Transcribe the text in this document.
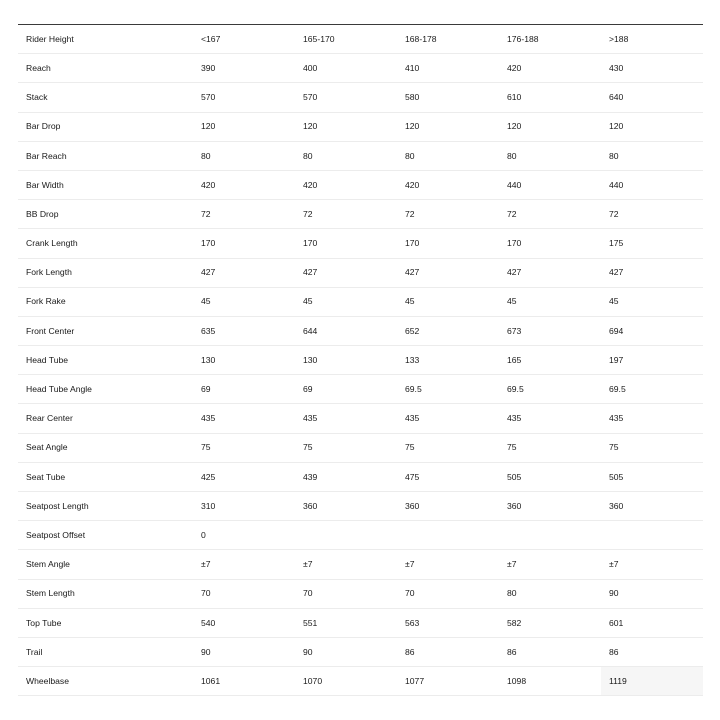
Rider Height	<167	165-170	168-178	176-188	>188
Reach	390	400	410	420	430
Stack	570	570	580	610	640
Bar Drop	120	120	120	120	120
Bar Reach	80	80	80	80	80
Bar Width	420	420	420	440	440
BB Drop	72	72	72	72	72
Crank Length	170	170	170	170	175
Fork Length	427	427	427	427	427
Fork Rake	45	45	45	45	45
Front Center	635	644	652	673	694
Head Tube	130	130	133	165	197
Head Tube Angle	69	69	69.5	69.5	69.5
Rear Center	435	435	435	435	435
Seat Angle	75	75	75	75	75
Seat Tube	425	439	475	505	505
Seatpost Length	310	360	360	360	360
Seatpost Offset	0				
Stem Angle	±7	±7	±7	±7	±7
Stem Length	70	70	70	80	90
Top Tube	540	551	563	582	601
Trail	90	90	86	86	86
Wheelbase	1061	1070	1077	1098	1119
